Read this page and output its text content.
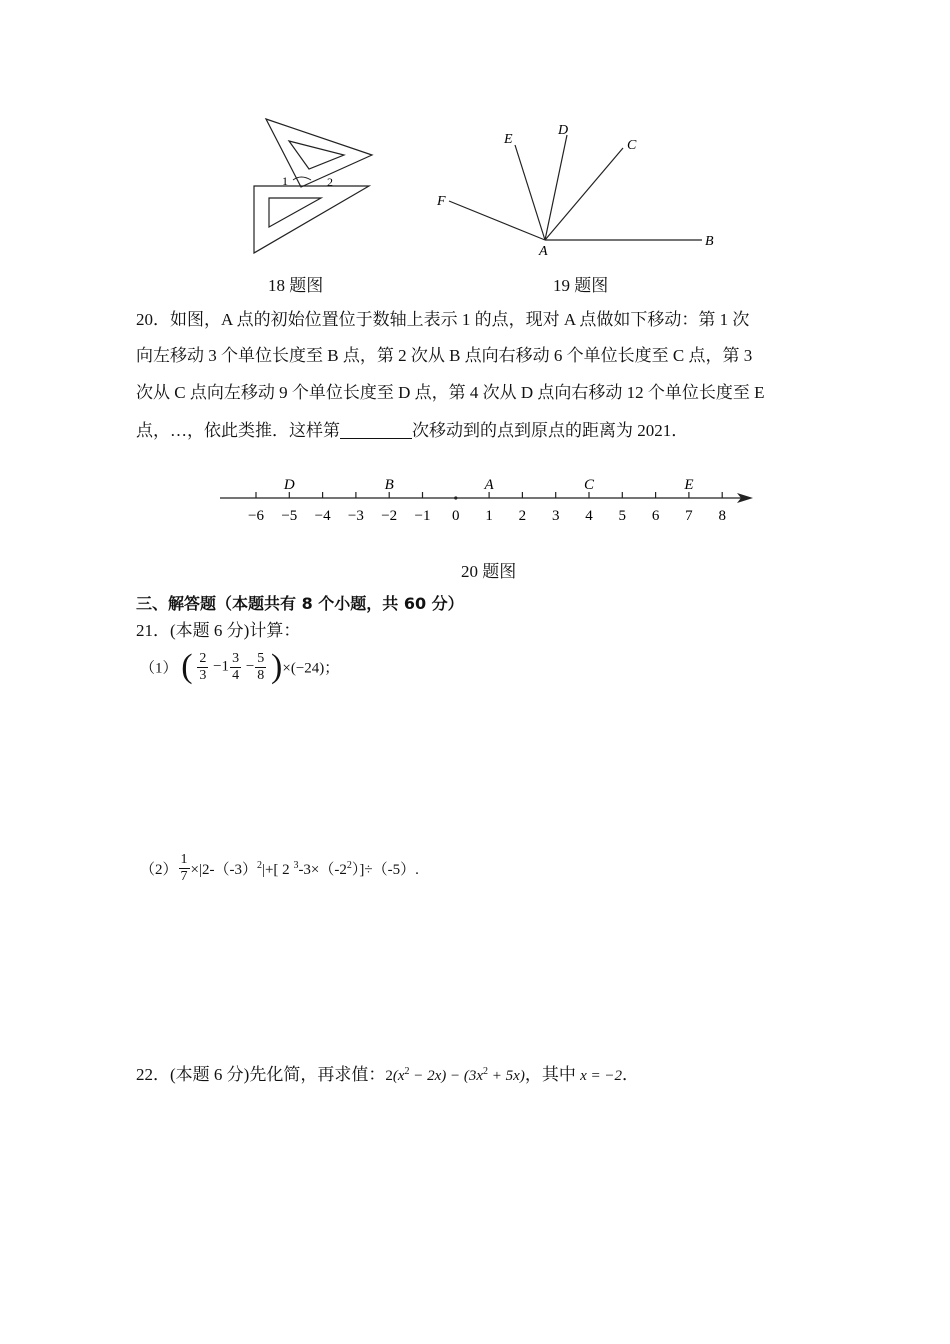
1	2
18 题图
E
D
C
F
A
B
19 题图
20．如图，A 点的初始位置位于数轴上表示 1 的点，现对 A 点做如下移动：第 1 次
向左移动 3 个单位长度至 B 点，第 2 次从 B 点向右移动 6 个单位长度至 C 点，第 3
次从 C 点向左移动 9 个单位长度至 D 点，第 4 次从 D 点向右移动 12 个单位长度至 E
点，…，依此类推．这样第	次移动到的点到原点的距离为 2021．
−6 −5 −4 −3 −2 −1 0 1 2 3 4 5 6 7 8
D	B	A	C	E
20 题图
三、解答题（本题共有 8 个小题，共 60 分）
21．(本题 6 分)计算：
（1） ( $\frac{2}{3} -1 \frac{3}{4} - \frac{5}{8} )\times(-24)$；
$(2) \frac{1}{7} \times|2-(-3)^2|+$[ 2 $^3-3\times(-2^2)]\div(-5)$.
22．(本题 6 分)先化简，再求值：$2(x^2 - 2x) - (3x^2 + 5x)$，其中 x = −2．
